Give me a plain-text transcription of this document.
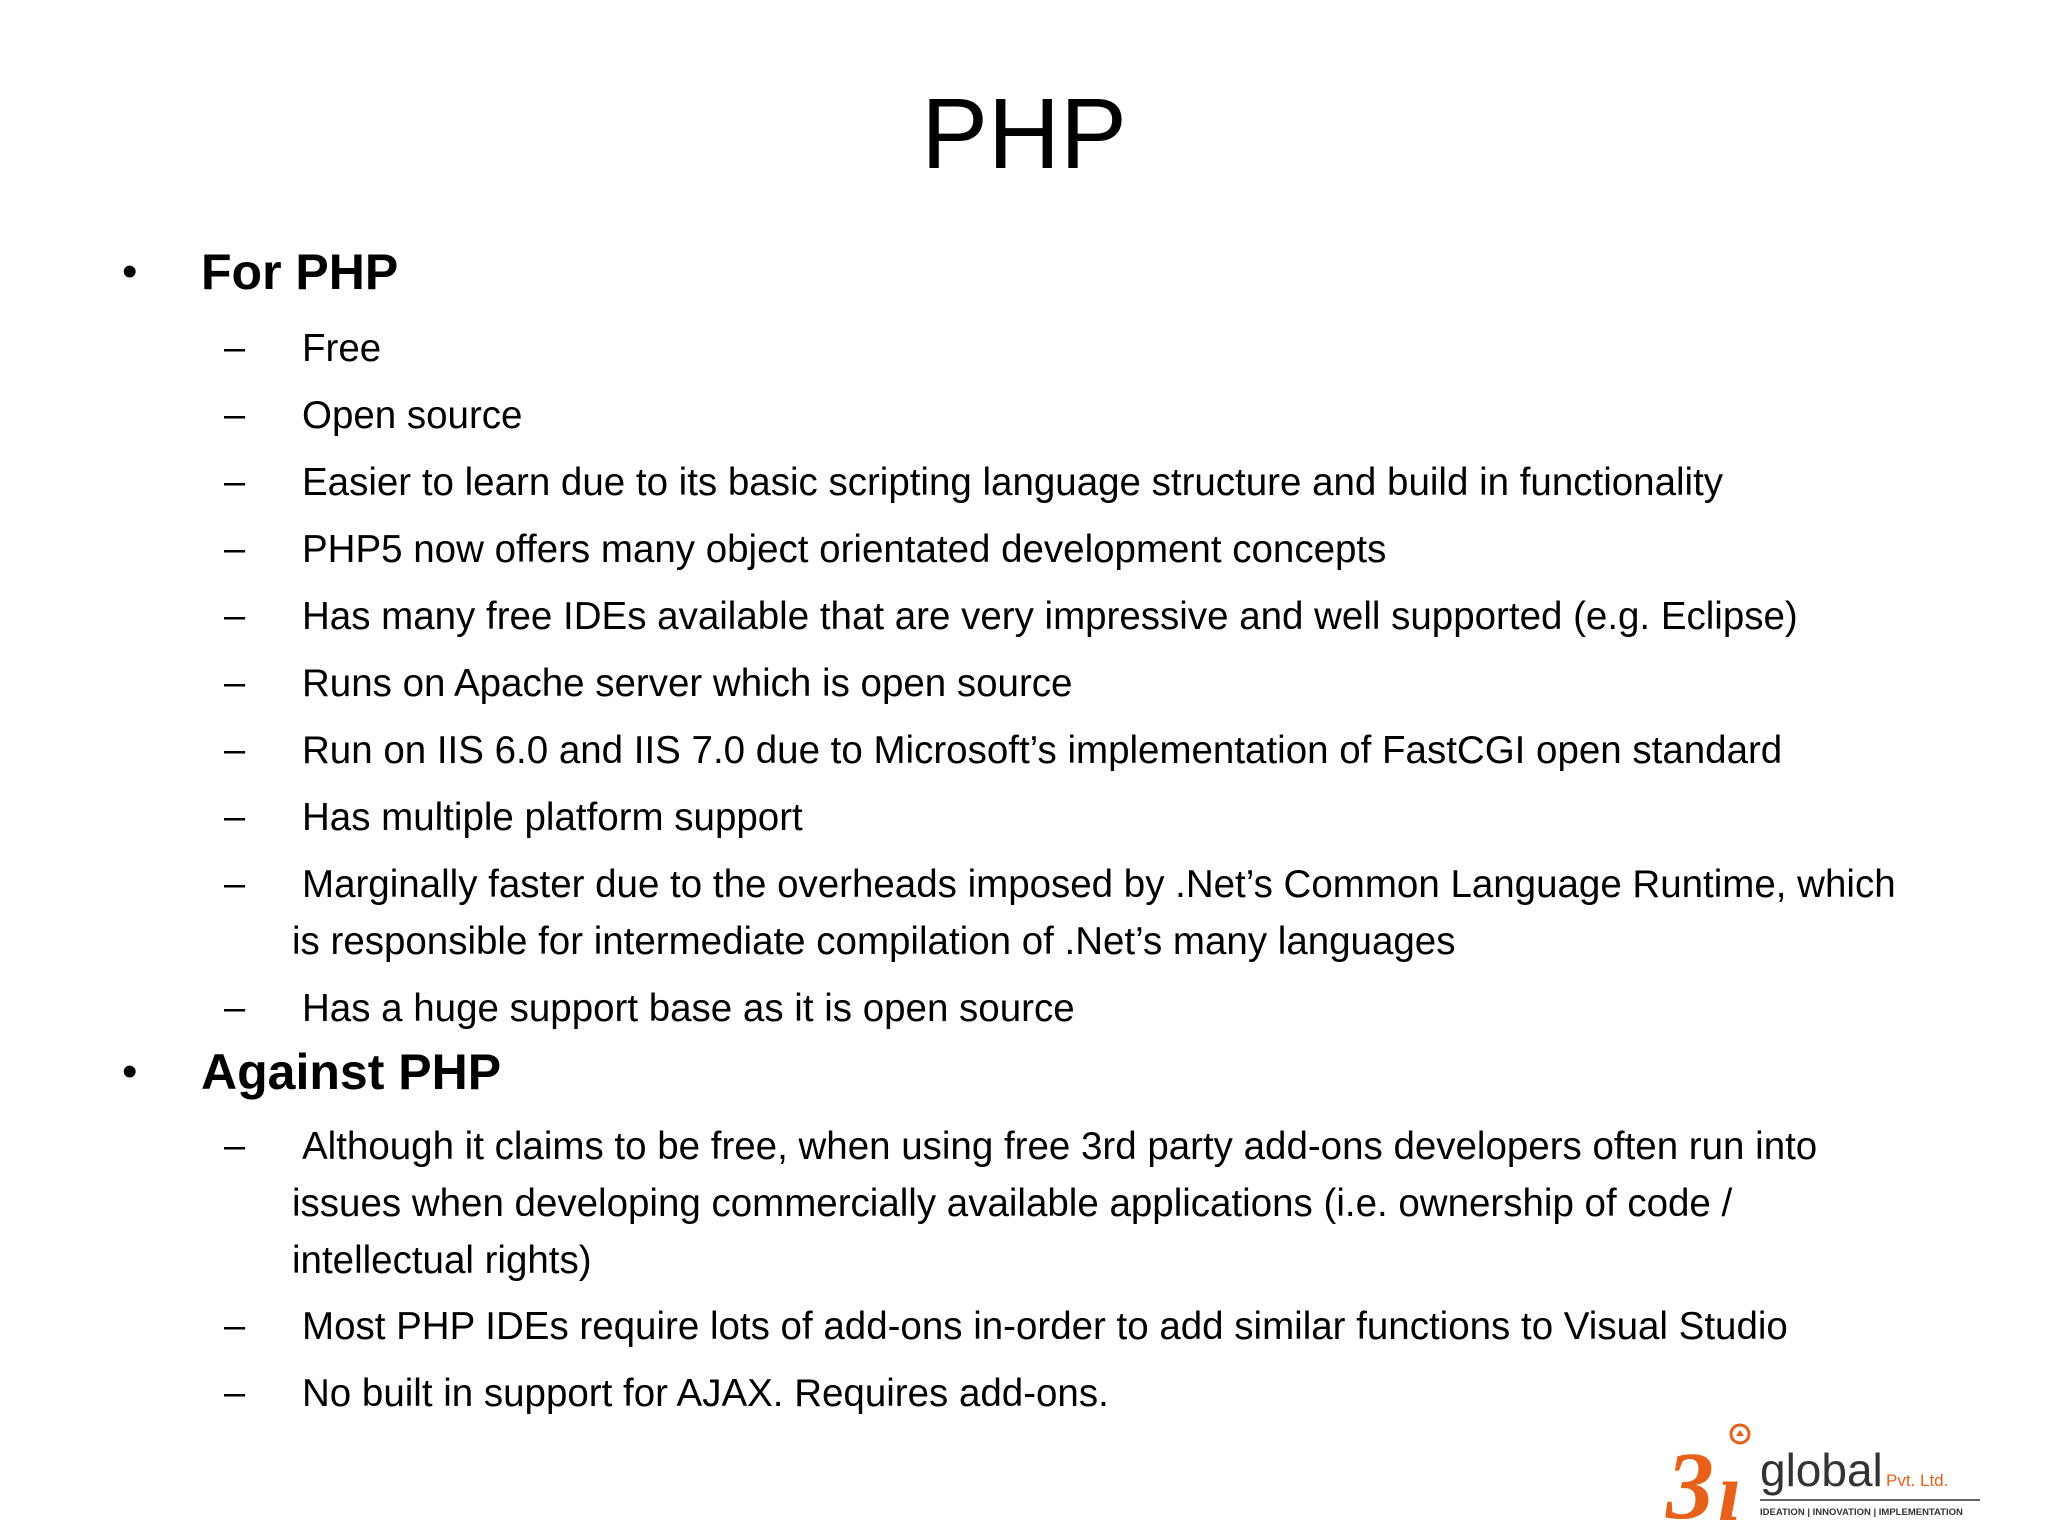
PHP
• For PHP
– Free
– Open source
– Easier to learn due to its basic scripting language structure and build in functionality
– PHP5 now offers many object orientated development concepts
– Has many free IDEs available that are very impressive and well supported (e.g. Eclipse)
– Runs on Apache server which is open source
– Run on IIS 6.0 and IIS 7.0 due to Microsoft’s implementation of FastCGI open standard
– Has multiple platform support
– Marginally faster due to the overheads imposed by .Net’s Common Language Runtime, which   is responsible for intermediate compilation of .Net’s many languages
– Has a huge support base as it is open source
• Against PHP
– Although it claims to be free, when using free 3rd party add-ons developers often run into issues when developing commercially available applications (i.e. ownership of code / intellectual rights)
– Most PHP IDEs require lots of add-ons in-order to add similar functions to Visual Studio
– No built in support for AJAX. Requires add-ons.
3 ı global Pvt. Ltd.
IDEATION | INNOVATION | IMPLEMENTATION
